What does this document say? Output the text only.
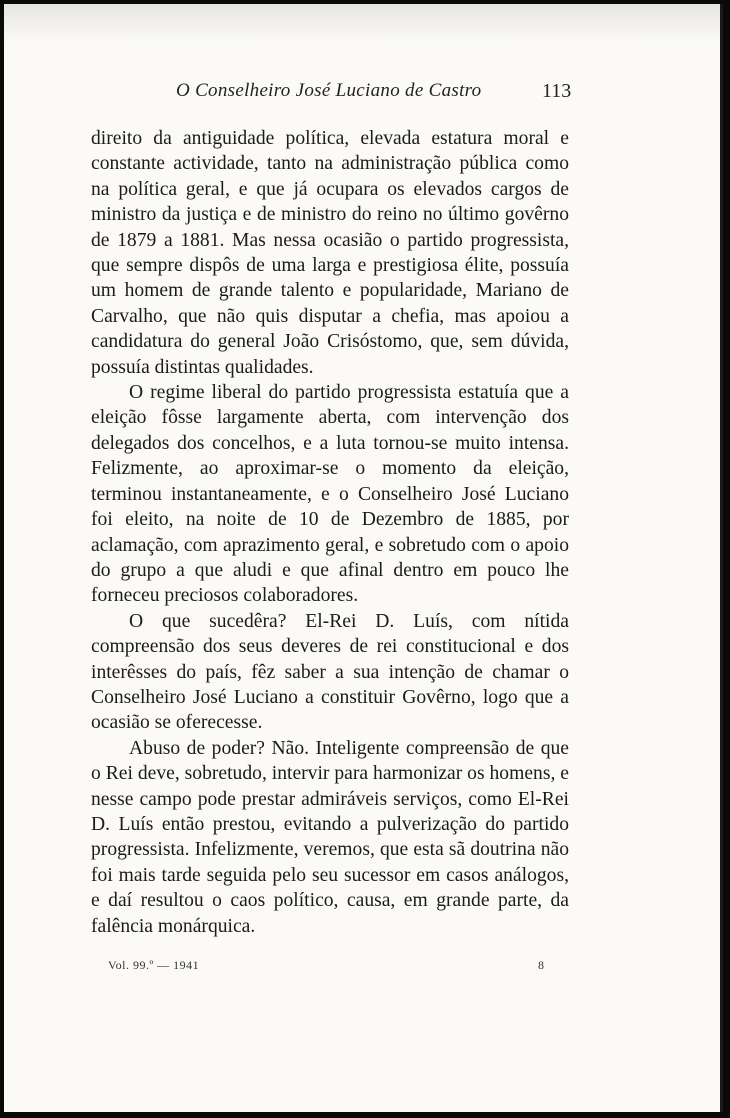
O Conselheiro José Luciano de Castro	113

direito da antiguidade política, elevada estatura moral e constante actividade, tanto na administração pública como na política geral, e que já ocupara os elevados cargos de ministro da justiça e de ministro do reino no último govêrno de 1879 a 1881. Mas nessa ocasião o partido progressista, que sempre dispôs de uma larga e prestigiosa élite, possuía um homem de grande talento e popularidade, Mariano de Carvalho, que não quis disputar a chefia, mas apoiou a candidatura do general João Crisóstomo, que, sem dúvida, possuía distintas qualidades.

O regime liberal do partido progressista estatuía que a eleição fôsse largamente aberta, com intervenção dos delegados dos concelhos, e a luta tornou-se muito intensa. Felizmente, ao aproximar-se o momento da eleição, terminou instantaneamente, e o Conselheiro José Luciano foi eleito, na noite de 10 de Dezembro de 1885, por aclamação, com aprazimento geral, e sobretudo com o apoio do grupo a que aludi e que afinal dentro em pouco lhe forneceu preciosos colaboradores.

O que sucedêra? El-Rei D. Luís, com nítida compreensão dos seus deveres de rei constitucional e dos interêsses do país, fêz saber a sua intenção de chamar o Conselheiro José Luciano a constituir Govêrno, logo que a ocasião se oferecesse.

Abuso de poder? Não. Inteligente compreensão de que o Rei deve, sobretudo, intervir para harmonizar os homens, e nesse campo pode prestar admiráveis serviços, como El-Rei D. Luís então prestou, evitando a pulverização do partido progressista. Infelizmente, veremos, que esta sã doutrina não foi mais tarde seguida pelo seu sucessor em casos análogos, e daí resultou o caos político, causa, em grande parte, da falência monárquica.

Vol. 99.º — 1941	8
